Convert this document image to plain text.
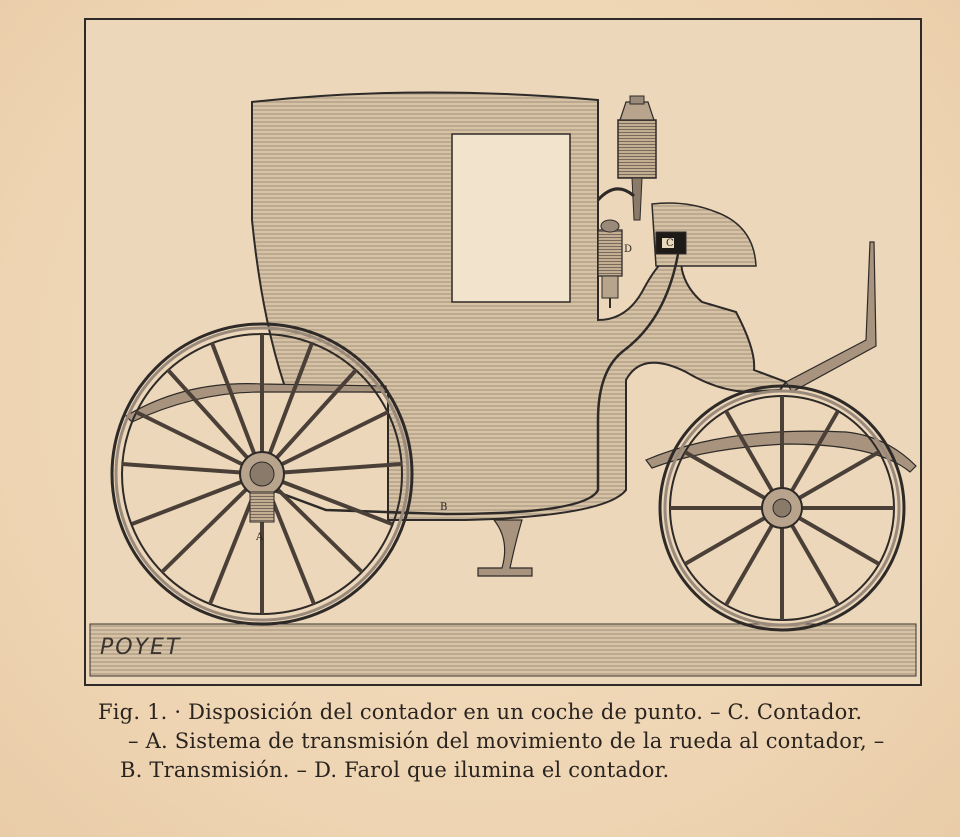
A
B
C
D
POYET
Fig. 1. · Disposición del contador en un coche de punto. – C. Contador.
– A. Sistema de transmisión del movimiento de la rueda al contador, –
B. Transmisión. – D. Farol que ilumina el contador.
